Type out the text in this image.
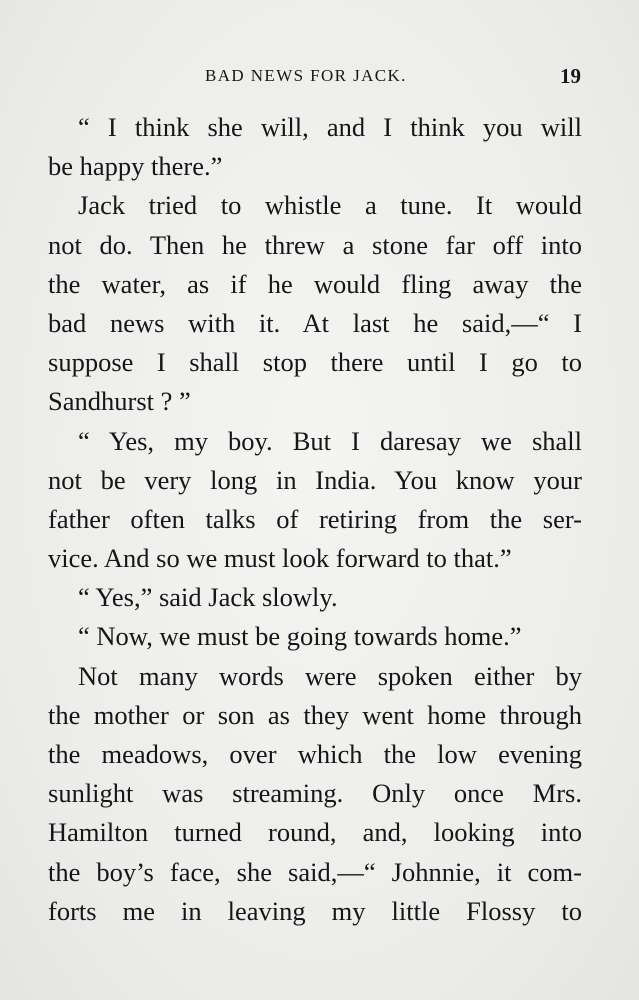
BAD NEWS FOR JACK.	19
“ I think she will, and I think you will
be happy there.”
Jack tried to whistle a tune. It would
not do. Then he threw a stone far off into
the water, as if he would fling away the
bad news with it. At last he said,—“ I
suppose I shall stop there until I go to
Sandhurst ? ”
“ Yes, my boy. But I daresay we shall
not be very long in India. You know your
father often talks of retiring from the ser-
vice. And so we must look forward to that.”
“ Yes,” said Jack slowly.
“ Now, we must be going towards home.”
Not many words were spoken either by
the mother or son as they went home through
the meadows, over which the low evening
sunlight was streaming. Only once Mrs.
Hamilton turned round, and, looking into
the boy’s face, she said,—“ Johnnie, it com-
forts me in leaving my little Flossy to
